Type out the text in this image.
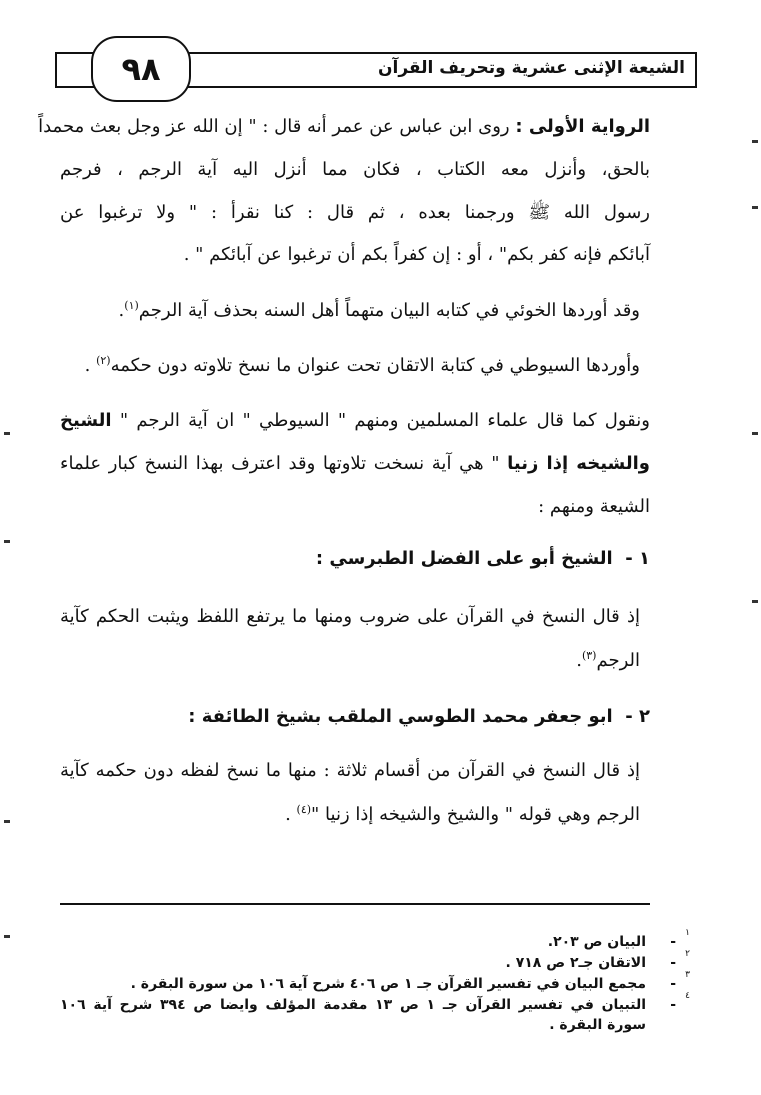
٩٨	الشيعة الإثنى عشرية وتحريف القرآن
الرواية الأولى : روى ابن عباس عن عمر أنه قال : " إن الله عز وجل بعث محمداً
بالحق، وأنزل معه الكتاب ، فكان مما أنزل اليه آية الرجم ، فرجم
رسول الله ﷺ ورجمنا بعده ، ثم قال : كنا نقرأ : " ولا ترغبوا عن
آبائكم فإنه كفر بكم" ، أو : إن كفراً بكم أن ترغبوا عن آبائكم " .
وقد أوردها الخوئي في كتابه البيان متهماً أهل السنه بحذف آية الرجم$^{(١)}$.
وأوردها السيوطي في كتابة الاتقان تحت عنوان ما نسخ تلاوته دون حكمه$^{(٢)}$ .
ونقول كما قال علماء المسلمين ومنهم " السيوطي " ان آية الرجم " الشيخ
والشيخه إذا زنيا " هي آية نسخت تلاوتها وقد اعترف بهذا النسخ كبار علماء
الشيعة ومنهم :
١ -  الشيخ أبو على الفضل الطبرسي :
إذ قال النسخ في القرآن على ضروب ومنها ما يرتفع اللفظ ويثبت الحكم كآية
الرجم$^{(٣)}$.
٢ -  ابو جعفر محمد الطوسي الملقب بشيخ الطائفة :
إذ قال النسخ في القرآن من أقسام ثلاثة : منها ما نسخ لفظه دون حكمه كآية
الرجم وهي قوله " والشيخ والشيخه إذا زنيا "$^{(٤)}$ .
١
-
البيان ص ٢٠٣.
٢
-
الاتقان جـ٢ ص ٧١٨ .
٣
-
مجمع البيان في تفسير القرآن جـ ١ ص ٤٠٦ شرح آية ١٠٦ من سورة البقرة .
٤
-
التبيان في تفسير القرآن جـ ١ ص ١٣ مقدمة المؤلف وايضا ص ٣٩٤ شرح آية ١٠٦
سورة البقرة .
